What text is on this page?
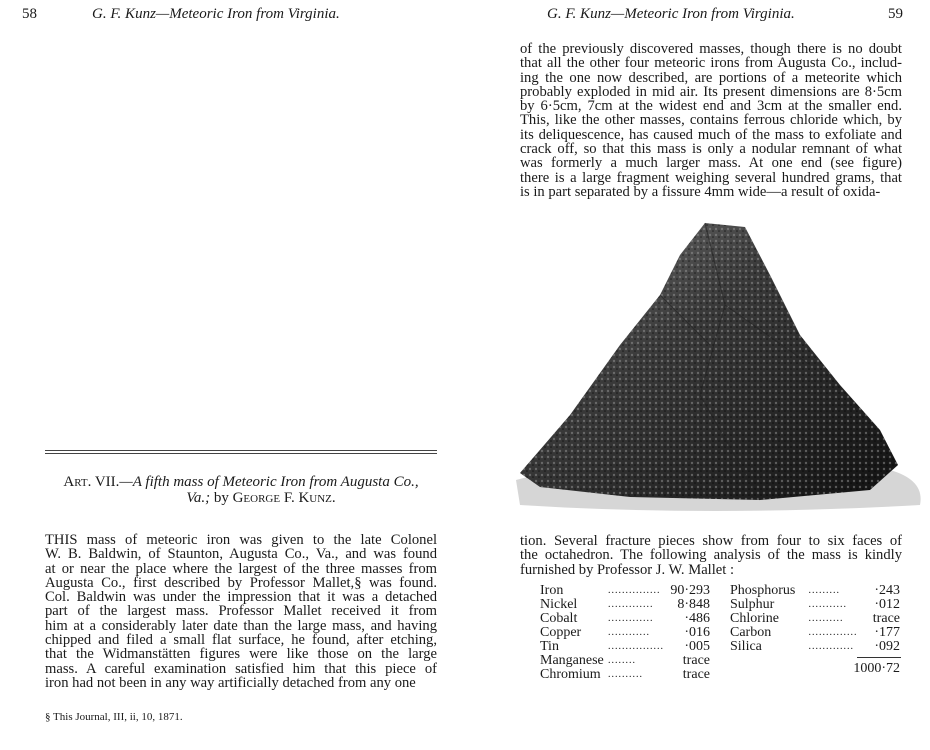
58	G. F. Kunz—Meteoric Iron from Virginia.
Art. VII.—A fifth mass of Meteoric Iron from Augusta Co.,
Va.; by George F. Kunz.
THIS mass of meteoric iron was given to the late Colonel
W. B. Baldwin, of Staunton, Augusta Co., Va., and was found
at or near the place where the largest of the three masses from
Augusta Co., first described by Professor Mallet,§ was found.
Col. Baldwin was under the impression that it was a detached
part of the largest mass. Professor Mallet received it from
him at a considerably later date than the large mass, and having
chipped and filed a small flat surface, he found, after etching,
that the Widmanstätten figures were like those on the large
mass. A careful examination satisfied him that this piece of
iron had not been in any way artificially detached from any one
§ This Journal, III, ii, 10, 1871.
G. F. Kunz—Meteoric Iron from Virginia.	59
of the previously discovered masses, though there is no doubt
that all the other four meteoric irons from Augusta Co., includ-
ing the one now described, are portions of a meteorite which
probably exploded in mid air. Its present dimensions are 8·5cm
by 6·5cm, 7cm at the widest end and 3cm at the smaller end.
This, like the other masses, contains ferrous chloride which, by
its deliquescence, has caused much of the mass to exfoliate and
crack off, so that this mass is only a nodular remnant of what
was formerly a much larger mass. At one end (see figure)
there is a large fragment weighing several hundred grams, that
is in part separated by a fissure 4mm wide—a result of oxida-
tion. Several fracture pieces show from four to six faces of
the octahedron. The following analysis of the mass is kindly
furnished by Professor J. W. Mallet :
Iron	...............	90·293
Nickel	.............	8·848
Cobalt	.............	·486
Copper	............	·016
Tin	................	·005
Manganese	........	trace
Chromium	..........	trace
Phosphorus	.........	·243
Sulphur	...........	·012
Chlorine	..........	trace
Carbon	..............	·177
Silica	.............	·092
1000·72
